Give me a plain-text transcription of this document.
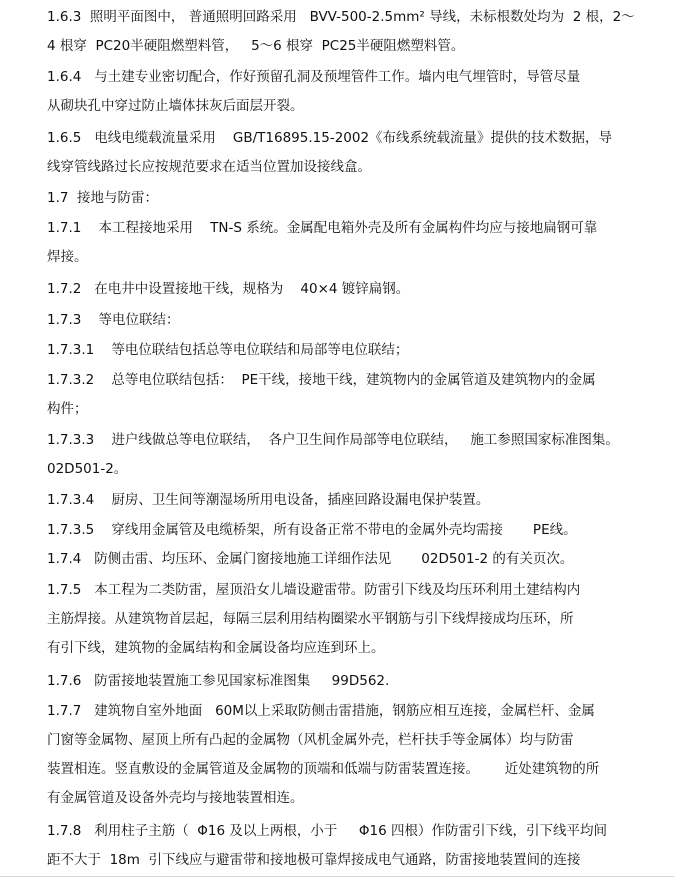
1.6.3  照明平面图中， 普通照明回路采用   BVV-500-2.5mm² 导线，未标根数处均为  2 根，2～
4 根穿  PC20半硬阻燃塑料管，   5～6 根穿  PC25半硬阻燃塑料管。
1.6.4   与土建专业密切配合，作好预留孔洞及预埋管件工作。墙内电气埋管时，导管尽量
从砌块孔中穿过防止墙体抹灰后面层开裂。
1.6.5   电线电缆载流量采用    GB/T16895.15-2002《布线系统载流量》提供的技术数据，导
线穿管线路过长应按规范要求在适当位置加设接线盒。
1.7  接地与防雷：
1.7.1    本工程接地采用    TN-S 系统。金属配电箱外壳及所有金属构件均应与接地扁钢可靠
焊接。
1.7.2   在电井中设置接地干线，规格为    40×4 镀锌扁钢。
1.7.3    等电位联结：
1.7.3.1    等电位联结包括总等电位联结和局部等电位联结；
1.7.3.2    总等电位联结包括：  PE干线，接地干线，建筑物内的金属管道及建筑物内的金属
构件；
1.7.3.3    进户线做总等电位联结，  各户卫生间作局部等电位联结，   施工参照国家标准图集。
02D501-2。
1.7.3.4    厨房、卫生间等潮湿场所用电设备，插座回路设漏电保护装置。
1.7.3.5    穿线用金属管及电缆桥架，所有设备正常不带电的金属外壳均需接       PE线。
1.7.4   防侧击雷、均压环、金属门窗接地施工详细作法见       02D501-2 的有关页次。
1.7.5   本工程为二类防雷，屋顶沿女儿墙设避雷带。防雷引下线及均压环利用土建结构内
主筋焊接。从建筑物首层起，每隔三层利用结构圈梁水平钢筋与引下线焊接成均压环，所
有引下线，建筑物的金属结构和金属设备均应连到环上。
1.7.6   防雷接地装置施工参见国家标准图集     99D562.
1.7.7   建筑物自室外地面   60M以上采取防侧击雷措施，钢筋应相互连接，金属栏杆、金属
门窗等金属物、屋顶上所有凸起的金属物（风机金属外壳，栏杆扶手等金属体）均与防雷
装置相连。竖直敷设的金属管道及金属物的顶端和低端与防雷装置连接。      近处建筑物的所
有金属管道及设备外壳均与接地装置相连。
1.7.8   利用柱子主筋（  Φ16 及以上两根，小于     Φ16 四根）作防雷引下线，引下线平均间
距不大于  18m  引下线应与避雷带和接地极可靠焊接成电气通路，防雷接地装置间的连接
